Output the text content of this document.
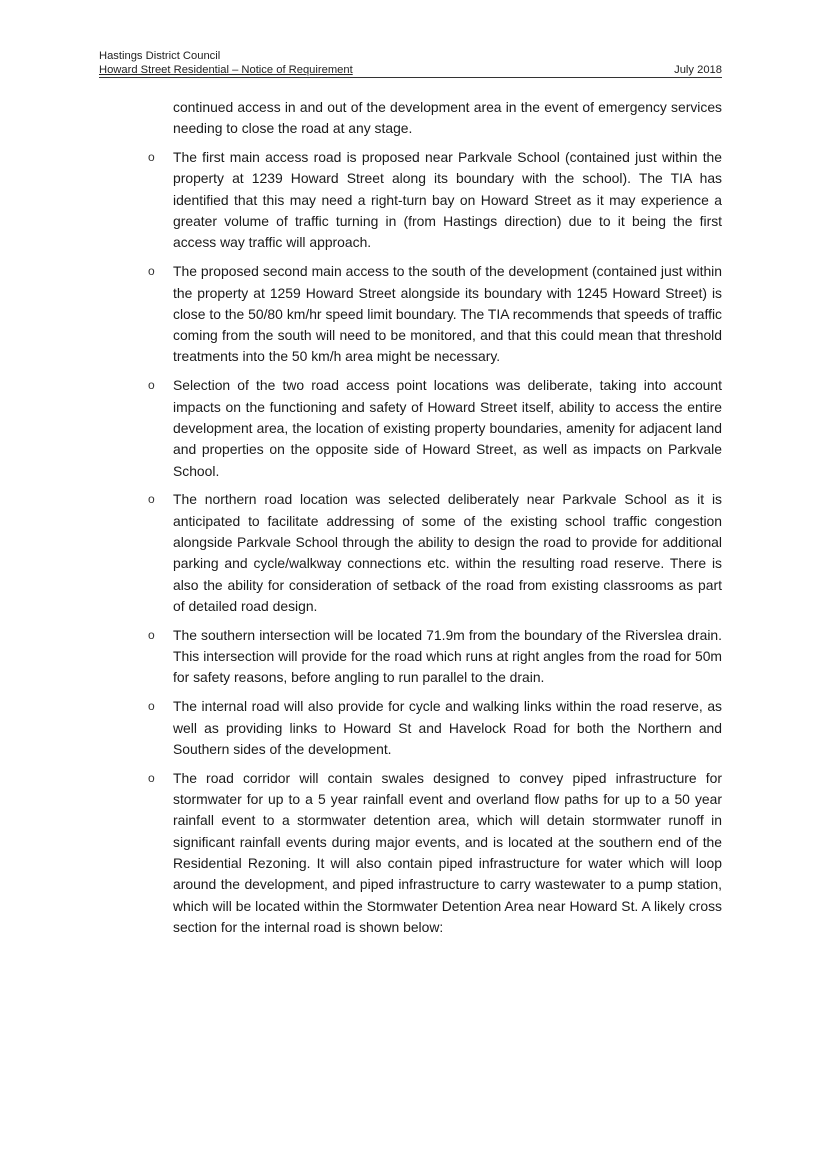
Hastings District Council
Howard Street Residential – Notice of Requirement	July 2018

continued access in and out of the development area in the event of emergency services needing to close the road at any stage.

o The first main access road is proposed near Parkvale School (contained just within the property at 1239 Howard Street along its boundary with the school). The TIA has identified that this may need a right-turn bay on Howard Street as it may experience a greater volume of traffic turning in (from Hastings direction) due to it being the first access way traffic will approach.
o The proposed second main access to the south of the development (contained just within the property at 1259 Howard Street alongside its boundary with 1245 Howard Street) is close to the 50/80 km/hr speed limit boundary. The TIA recommends that speeds of traffic coming from the south will need to be monitored, and that this could mean that threshold treatments into the 50 km/h area might be necessary.
o Selection of the two road access point locations was deliberate, taking into account impacts on the functioning and safety of Howard Street itself, ability to access the entire development area, the location of existing property boundaries, amenity for adjacent land and properties on the opposite side of Howard Street, as well as impacts on Parkvale School.
o The northern road location was selected deliberately near Parkvale School as it is anticipated to facilitate addressing of some of the existing school traffic congestion alongside Parkvale School through the ability to design the road to provide for additional parking and cycle/walkway connections etc. within the resulting road reserve. There is also the ability for consideration of setback of the road from existing classrooms as part of detailed road design.
o The southern intersection will be located 71.9m from the boundary of the Riverslea drain. This intersection will provide for the road which runs at right angles from the road for 50m for safety reasons, before angling to run parallel to the drain.
o The internal road will also provide for cycle and walking links within the road reserve, as well as providing links to Howard St and Havelock Road for both the Northern and Southern sides of the development.
o The road corridor will contain swales designed to convey piped infrastructure for stormwater for up to a 5 year rainfall event and overland flow paths for up to a 50 year rainfall event to a stormwater detention area, which will detain stormwater runoff in significant rainfall events during major events, and is located at the southern end of the Residential Rezoning. It will also contain piped infrastructure for water which will loop around the development, and piped infrastructure to carry wastewater to a pump station, which will be located within the Stormwater Detention Area near Howard St. A likely cross section for the internal road is shown below:
